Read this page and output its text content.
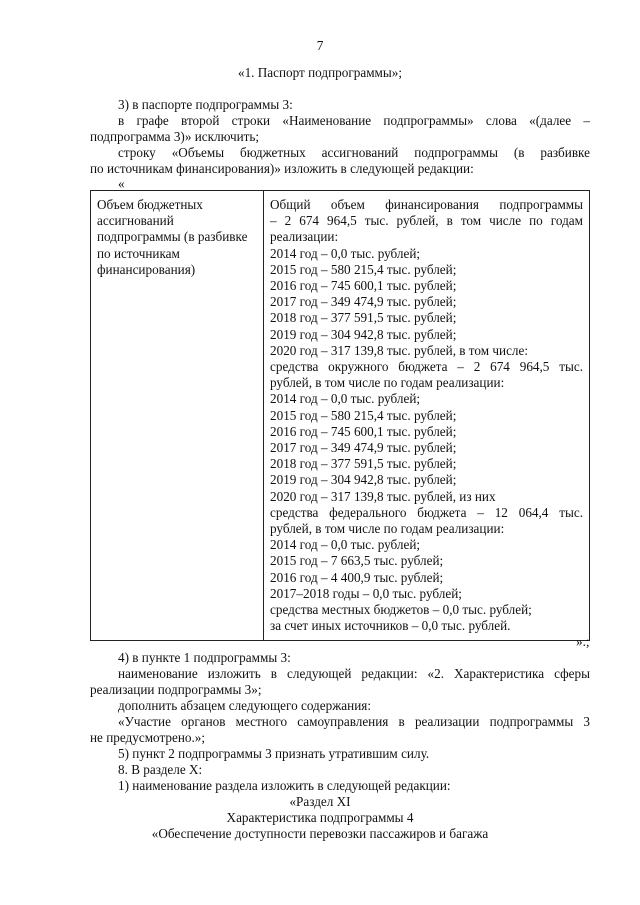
7
«1. Паспорт подпрограммы»;
3) в паспорте подпрограммы 3:
в графе второй строки «Наименование подпрограммы» слова «(далее –
подпрограмма 3)» исключить;
строку «Объемы бюджетных ассигнований подпрограммы (в разбивке
по источникам финансирования)» изложить в следующей редакции:
«
Объем бюджетных
ассигнований
подпрограммы (в разбивке
по источникам
финансирования)

Общий объем финансирования подпрограммы
– 2 674 964,5 тыс. рублей, в том числе по годам
реализации:
2014 год – 0,0 тыс. рублей;
2015 год – 580 215,4 тыс. рублей;
2016 год – 745 600,1 тыс. рублей;
2017 год – 349 474,9 тыс. рублей;
2018 год – 377 591,5 тыс. рублей;
2019 год – 304 942,8 тыс. рублей;
2020 год – 317 139,8 тыс. рублей, в том числе:
средства окружного бюджета – 2 674 964,5 тыс.
рублей, в том числе по годам реализации:
2014 год – 0,0 тыс. рублей;
2015 год – 580 215,4 тыс. рублей;
2016 год – 745 600,1 тыс. рублей;
2017 год – 349 474,9 тыс. рублей;
2018 год – 377 591,5 тыс. рублей;
2019 год – 304 942,8 тыс. рублей;
2020 год – 317 139,8 тыс. рублей, из них
средства федерального бюджета – 12 064,4 тыс.
рублей, в том числе по годам реализации:
2014 год – 0,0 тыс. рублей;
2015 год – 7 663,5 тыс. рублей;
2016 год – 4 400,9 тыс. рублей;
2017–2018 годы – 0,0 тыс. рублей;
средства местных бюджетов – 0,0 тыс. рублей;
за счет иных источников – 0,0 тыс. рублей.
».;
4) в пункте 1 подпрограммы 3:
наименование изложить в следующей редакции: «2. Характеристика сферы
реализации подпрограммы 3»;
дополнить абзацем следующего содержания:
«Участие органов местного самоуправления в реализации подпрограммы 3
не предусмотрено.»;
5) пункт 2 подпрограммы 3 признать утратившим силу.
8. В разделе X:
1) наименование раздела изложить в следующей редакции:
«Раздел XI
Характеристика подпрограммы 4
«Обеспечение доступности перевозки пассажиров и багажа
